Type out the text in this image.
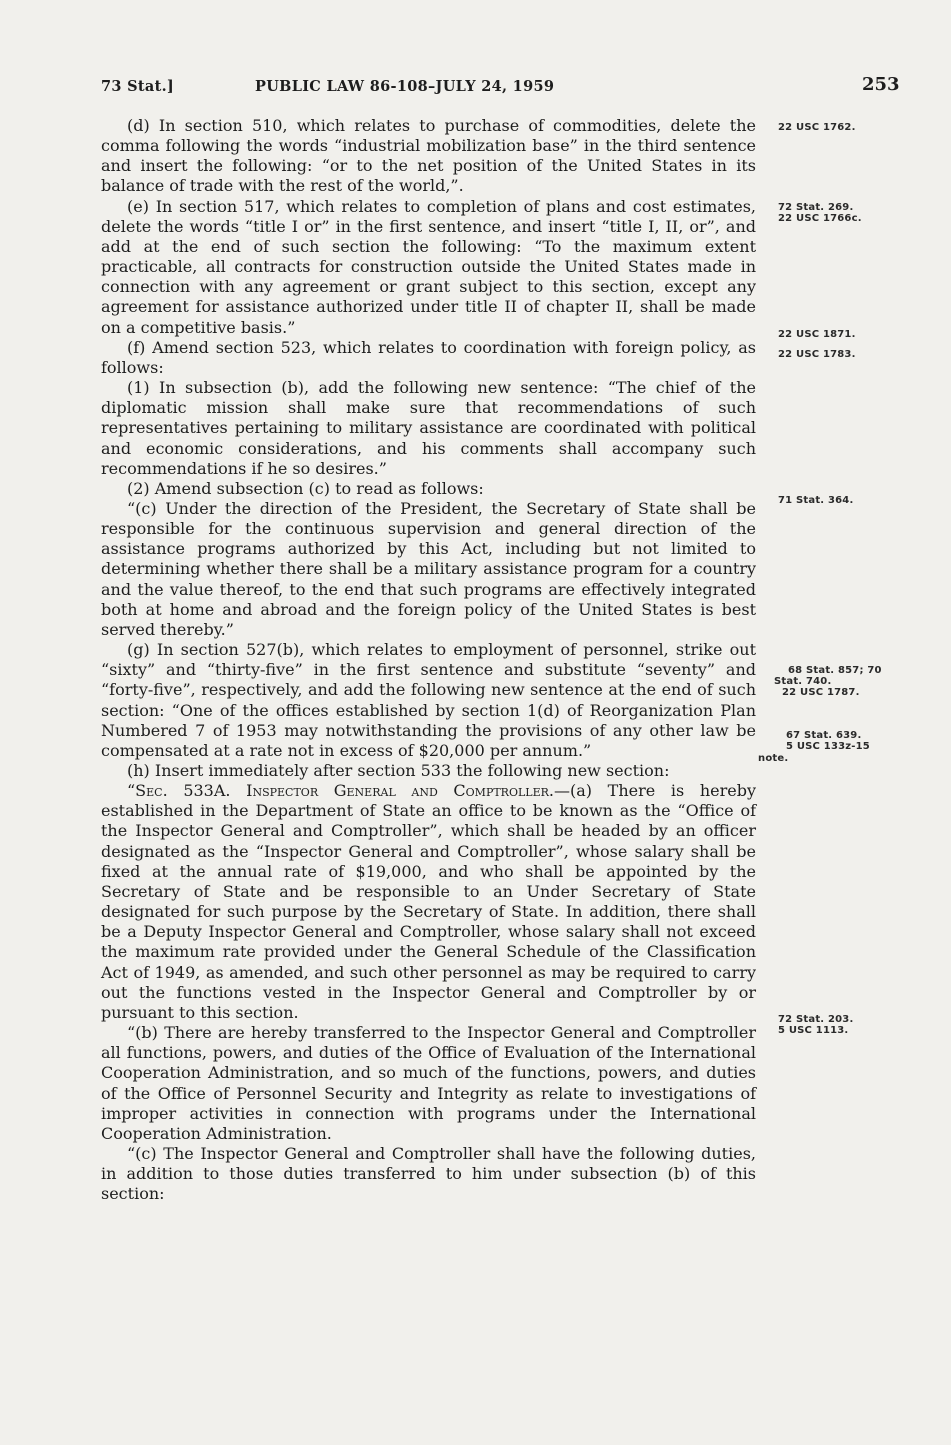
73 Stat.]	PUBLIC LAW 86-108–JULY 24, 1959	253

(d) In section 510, which relates to purchase of commodities, delete the comma following the words “industrial mobilization base” in the third sentence and insert the following: “or to the net position of the United States in its balance of trade with the rest of the world,”.

(e) In section 517, which relates to completion of plans and cost estimates, delete the words “title I or” in the first sentence, and insert “title I, II, or”, and add at the end of such section the following: “To the maximum extent practicable, all contracts for construction outside the United States made in connection with any agreement or grant subject to this section, except any agreement for assistance authorized under title II of chapter II, shall be made on a competitive basis.”

(f) Amend section 523, which relates to coordination with foreign policy, as follows:

(1) In subsection (b), add the following new sentence: “The chief of the diplomatic mission shall make sure that recommendations of such representatives pertaining to military assistance are coordinated with political and economic considerations, and his comments shall accompany such recommendations if he so desires.”

(2) Amend subsection (c) to read as follows:

“(c) Under the direction of the President, the Secretary of State shall be responsible for the continuous supervision and general direction of the assistance programs authorized by this Act, including but not limited to determining whether there shall be a military assistance program for a country and the value thereof, to the end that such programs are effectively integrated both at home and abroad and the foreign policy of the United States is best served thereby.”

(g) In section 527(b), which relates to employment of personnel, strike out “sixty” and “thirty-five” in the first sentence and substitute “seventy” and “forty-five”, respectively, and add the following new sentence at the end of such section: “One of the offices established by section 1(d) of Reorganization Plan Numbered 7 of 1953 may notwithstanding the provisions of any other law be compensated at a rate not in excess of $20,000 per annum.”

(h) Insert immediately after section 533 the following new section:

“Sec. 533A. Inspector General and Comptroller.—(a) There is hereby established in the Department of State an office to be known as the “Office of the Inspector General and Comptroller”, which shall be headed by an officer designated as the “Inspector General and Comptroller”, whose salary shall be fixed at the annual rate of $19,000, and who shall be appointed by the Secretary of State and be responsible to an Under Secretary of State designated for such purpose by the Secretary of State. In addition, there shall be a Deputy Inspector General and Comptroller, whose salary shall not exceed the maximum rate provided under the General Schedule of the Classification Act of 1949, as amended, and such other personnel as may be required to carry out the functions vested in the Inspector General and Comptroller by or pursuant to this section.

“(b) There are hereby transferred to the Inspector General and Comptroller all functions, powers, and duties of the Office of Evaluation of the International Cooperation Administration, and so much of the functions, powers, and duties of the Office of Personnel Security and Integrity as relate to investigations of improper activities in connection with programs under the International Cooperation Administration.

“(c) The Inspector General and Comptroller shall have the following duties, in addition to those duties transferred to him under subsection (b) of this section:

22 USC 1762.
72 Stat. 269.
22 USC 1766c.
22 USC 1871.
22 USC 1783.
71 Stat. 364.
68 Stat. 857; 70
Stat. 740.
22 USC 1787.
67 Stat. 639.
5 USC 133z-15
note.
72 Stat. 203.
5 USC 1113.
